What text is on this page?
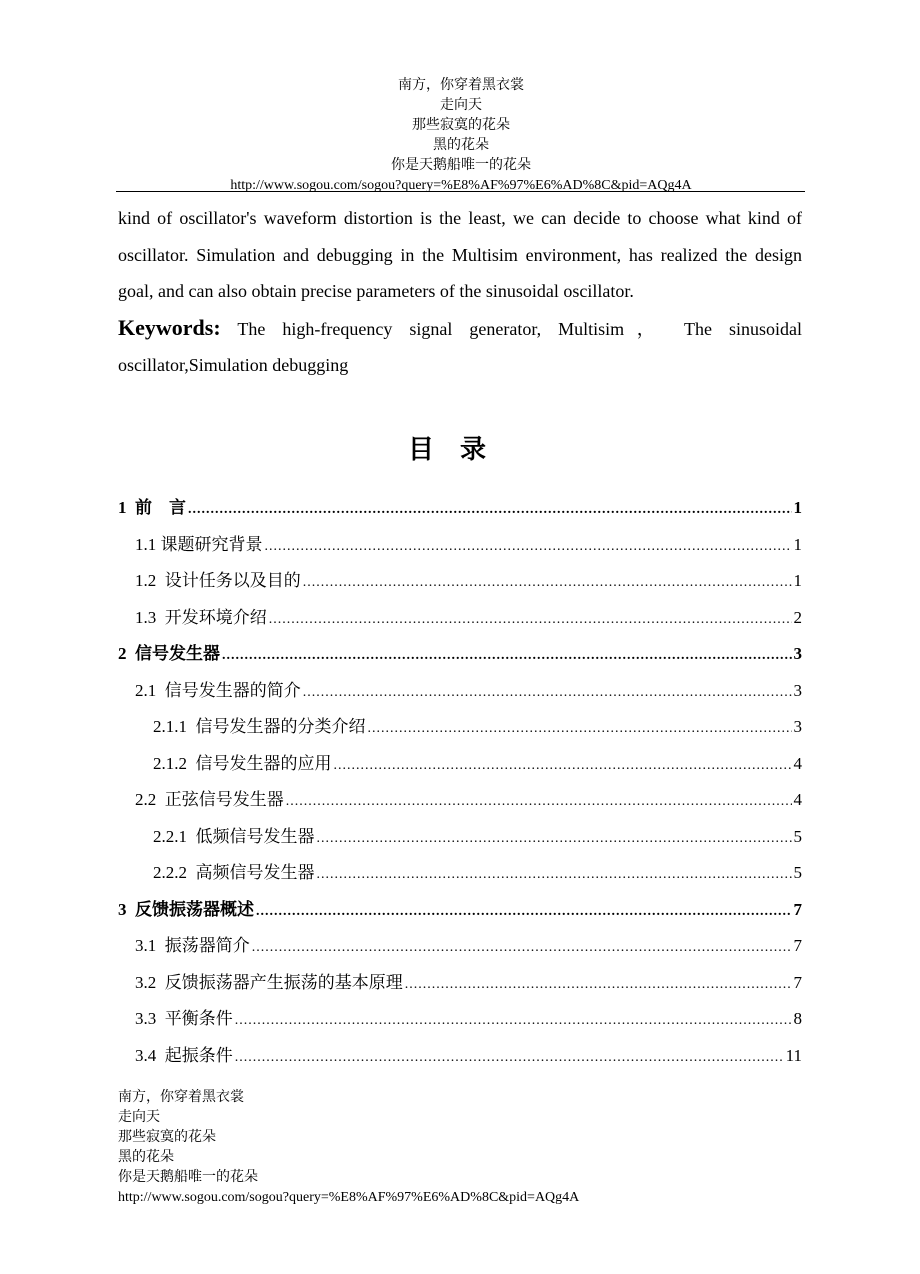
南方，你穿着黑衣裳
走向天
那些寂寞的花朵
黑的花朵
你是天鹅船唯一的花朵
http://www.sogou.com/sogou?query=%E8%AF%97%E6%AD%8C&pid=AQg4A

kind of oscillator's waveform distortion is the least, we can decide to choose what kind of oscillator. Simulation and debugging in the Multisim environment, has realized the design goal, and can also obtain precise parameters of the sinusoidal oscillator.

Keywords: The high-frequency signal generator, Multisim， The sinusoidal oscillator,Simulation debugging

目录
1 前　言 .....	1
1.1 课题研究背景 .....	1
1.2 设计任务以及目的 .....	1
1.3 开发环境介绍 .....	2
2 信号发生器 .....	3
2.1 信号发生器的简介 .....	3
2.1.1 信号发生器的分类介绍 .....	3
2.1.2 信号发生器的应用 .....	4
2.2 正弦信号发生器 .....	4
2.2.1 低频信号发生器 .....	5
2.2.2 高频信号发生器 .....	5
3 反馈振荡器概述 .....	7
3.1 振荡器简介 .....	7
3.2 反馈振荡器产生振荡的基本原理 .....	7
3.3 平衡条件 .....	8
3.4 起振条件 .....	11
南方，你穿着黑衣裳
走向天
那些寂寞的花朵
黑的花朵
你是天鹅船唯一的花朵
http://www.sogou.com/sogou?query=%E8%AF%97%E6%AD%8C&pid=AQg4A
